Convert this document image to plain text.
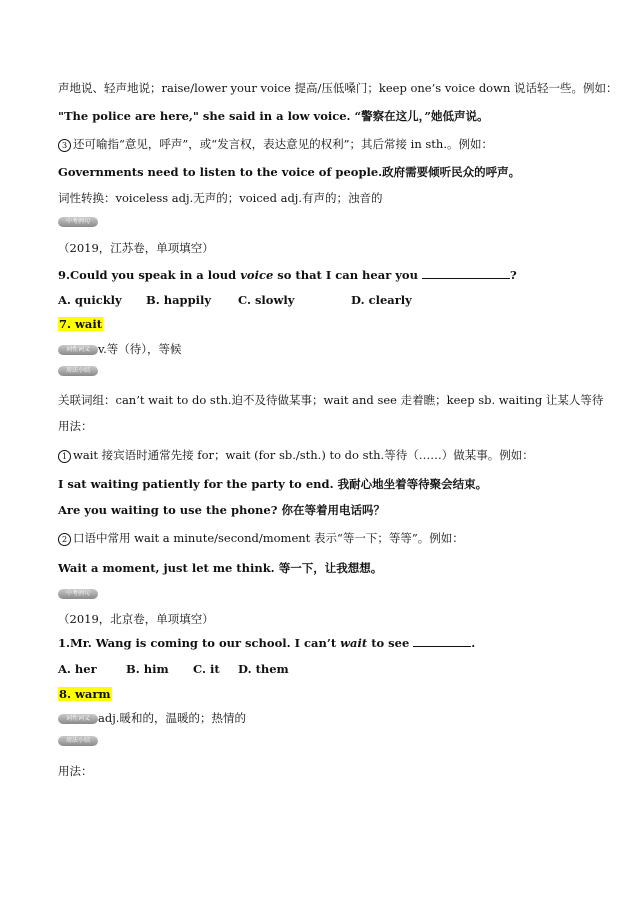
声地说、轻声地说；raise/lower your voice 提高/压低嗓门；keep one’s voice down 说话轻一些。例如：
"The police are here," she said in a low voice. “警察在这儿，”她低声说。
3 还可喻指“意见，呼声”，或“发言权，表达意见的权利”；其后常接 in sth.。例如：
Governments need to listen to the voice of people.政府需要倾听民众的呼声。
词性转换：voiceless adj.无声的；voiced adj.有声的；浊音的
中考例句
（2019，江苏卷，单项填空）
9.Could you speak in a loud voice so that I can hear you	?
A. quickly B. happily C. slowly	D. clearly
7. wait
词性词义 v.等（待），等候
用法小结
关联词组：can’t wait to do sth.迫不及待做某事；wait and see 走着瞧；keep sb. waiting 让某人等待
用法：
1 wait 接宾语时通常先接 for；wait (for sb./sth.) to do sth.等待（……）做某事。例如：
I sat waiting patiently for the party to end. 我耐心地坐着等待聚会结束。
Are you waiting to use the phone? 你在等着用电话吗？
2 口语中常用 wait a minute/second/moment 表示“等一下；等等”。例如：
Wait a moment, just let me think. 等一下，让我想想。
中考例句
（2019，北京卷，单项填空）
1.Mr. Wang is coming to our school. I can’t wait to see	.
A. her	B. him C. it D. them
8. warm
词性词义 adj.暖和的，温暖的；热情的
用法小结
用法：
